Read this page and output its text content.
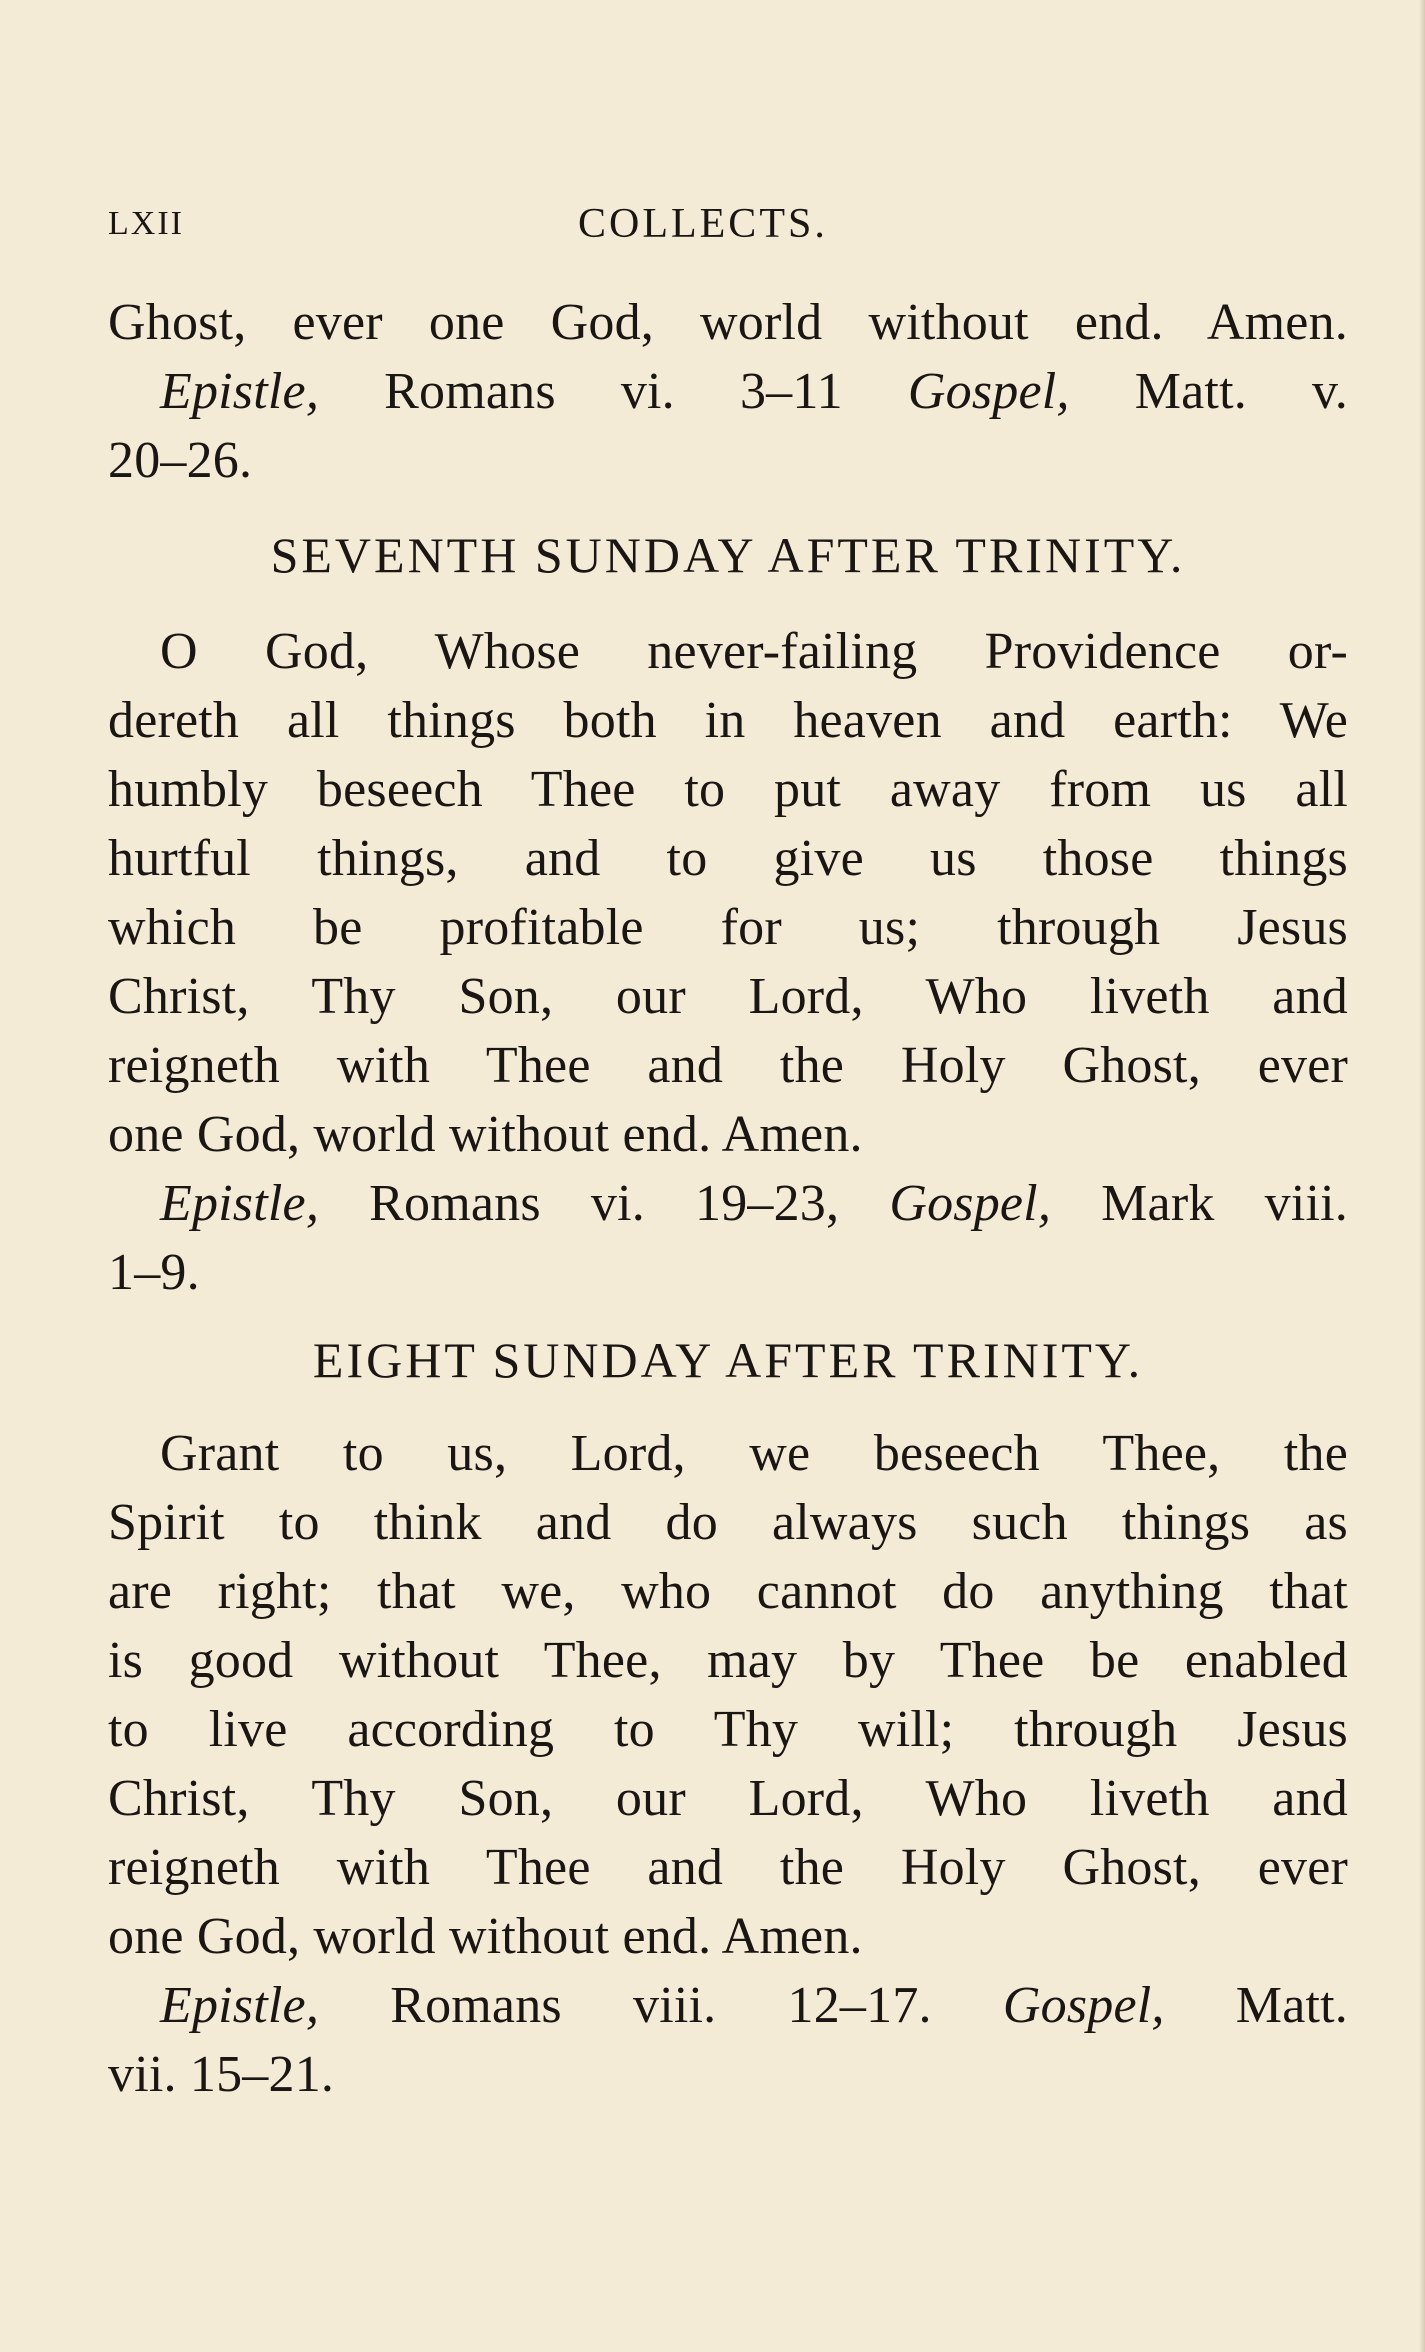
LXII	COLLECTS.
Ghost, ever one God, world without end. Amen.
Epistle, Romans vi. 3–11 Gospel, Matt. v.
20–26.
SEVENTH SUNDAY AFTER TRINITY.
O God, Whose never-failing Providence or-
dereth all things both in heaven and earth: We
humbly beseech Thee to put away from us all
hurtful things, and to give us those things
which be profitable for us; through Jesus
Christ, Thy Son, our Lord, Who liveth and
reigneth with Thee and the Holy Ghost, ever
one God, world without end. Amen.
Epistle, Romans vi. 19–23, Gospel, Mark viii.
1–9.
EIGHT SUNDAY AFTER TRINITY.
Grant to us, Lord, we beseech Thee, the
Spirit to think and do always such things as
are right; that we, who cannot do anything that
is good without Thee, may by Thee be enabled
to live according to Thy will; through Jesus
Christ, Thy Son, our Lord, Who liveth and
reigneth with Thee and the Holy Ghost, ever
one God, world without end. Amen.
Epistle, Romans viii. 12–17. Gospel, Matt.
vii. 15–21.
